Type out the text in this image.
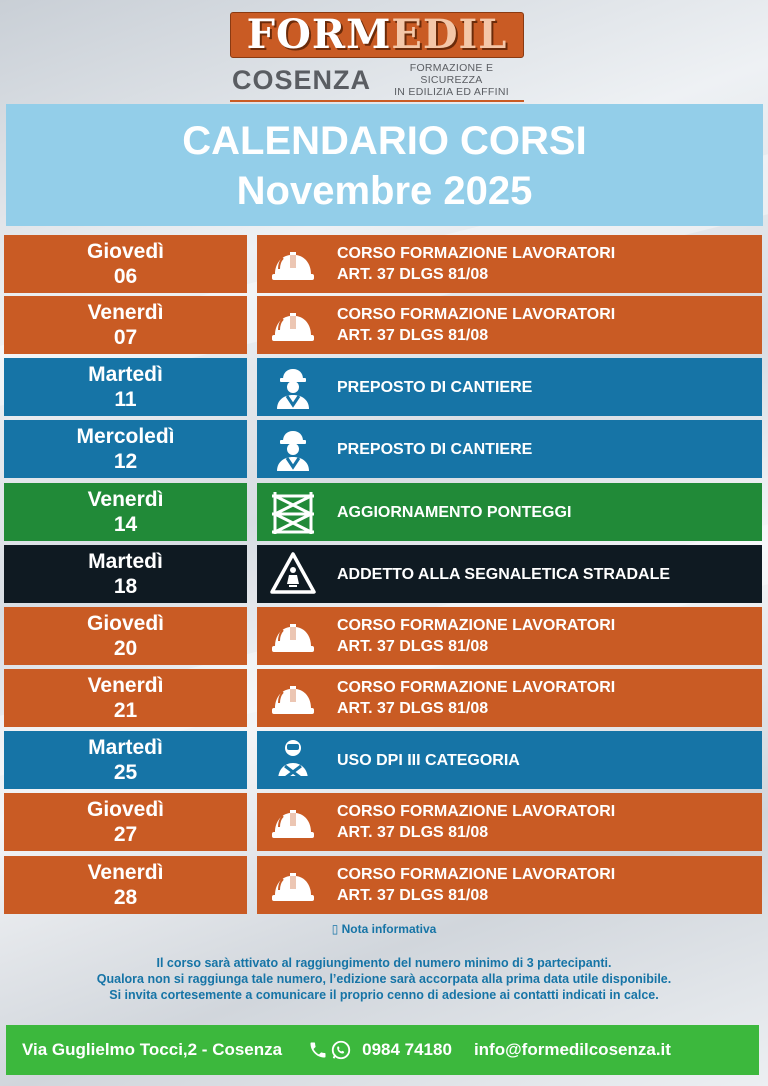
FORM EDIL
COSENZA	FORMAZIONE E SICUREZZA
IN EDILIZIA ED AFFINI
CALENDARIO CORSI
Novembre 2025
Giovedì
06
CORSO FORMAZIONE LAVORATORI
ART. 37 DLGS 81/08
Venerdì
07
CORSO FORMAZIONE LAVORATORI
ART. 37 DLGS 81/08
Martedì
11
PREPOSTO DI CANTIERE
Mercoledì
12
PREPOSTO DI CANTIERE
Venerdì
14
AGGIORNAMENTO PONTEGGI
Martedì
18
ADDETTO ALLA SEGNALETICA STRADALE
Giovedì
20
CORSO FORMAZIONE LAVORATORI
ART. 37 DLGS 81/08
Venerdì
21
CORSO FORMAZIONE LAVORATORI
ART. 37 DLGS 81/08
Martedì
25
USO DPI III CATEGORIA
Giovedì
27
CORSO FORMAZIONE LAVORATORI
ART. 37 DLGS 81/08
Venerdì
28
CORSO FORMAZIONE LAVORATORI
ART. 37 DLGS 81/08
▯ Nota informativa
Il corso sarà attivato al raggiungimento del numero minimo di 3 partecipanti.
Qualora non si raggiunga tale numero, l’edizione sarà accorpata alla prima data utile disponibile.
Si invita cortesemente a comunicare il proprio cenno di adesione ai contatti indicati in calce.
Via Guglielmo Tocci,2 - Cosenza	0984 74180 info@formedilcosenza.it
